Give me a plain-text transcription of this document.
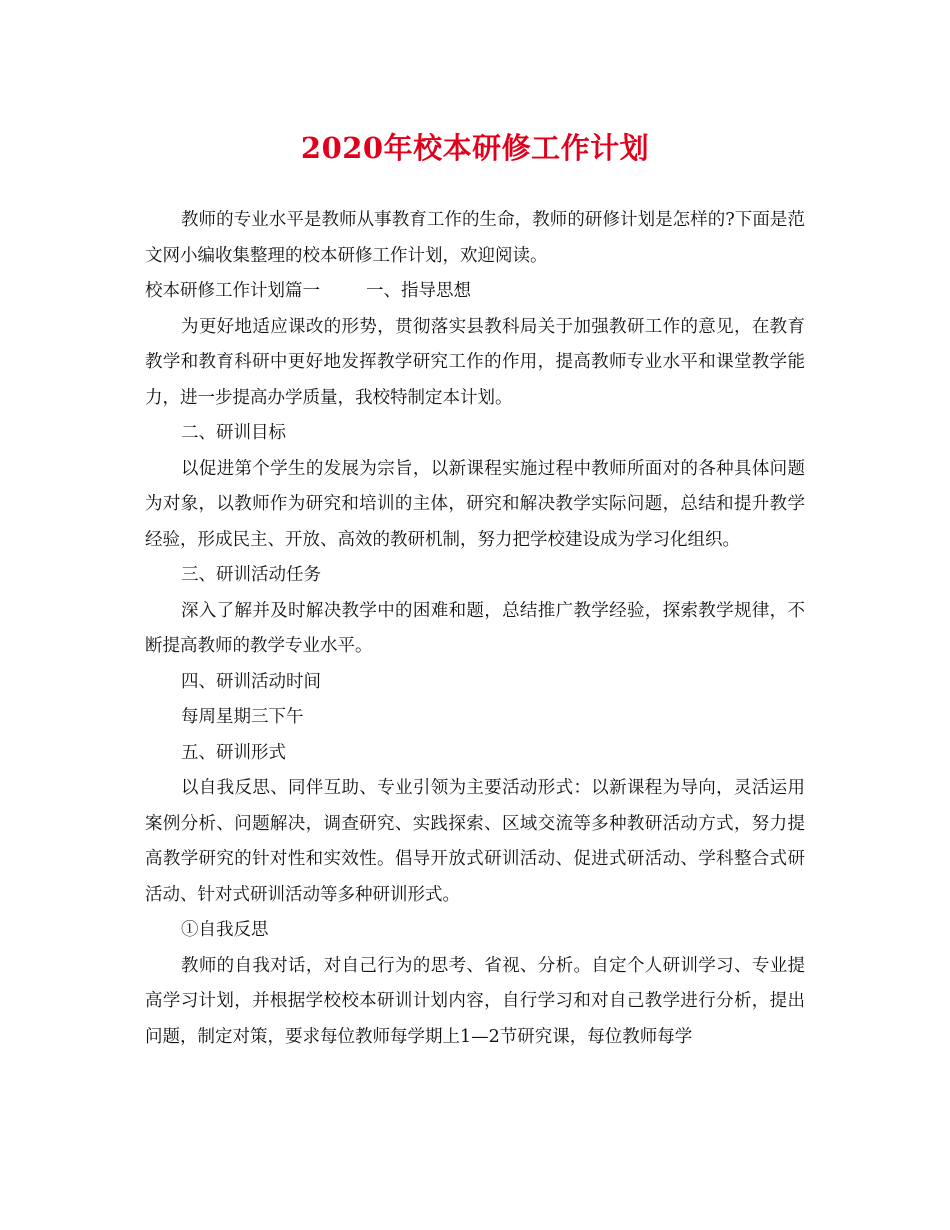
2020年校本研修工作计划

教师的专业水平是教师从事教育工作的生命，教师的研修计划是怎样的?下面是范文网小编收集整理的校本研修工作计划，欢迎阅读。

校本研修工作计划篇一	一、指导思想

为更好地适应课改的形势，贯彻落实县教科局关于加强教研工作的意见，在教育教学和教育科研中更好地发挥教学研究工作的作用，提高教师专业水平和课堂教学能力，进一步提高办学质量，我校特制定本计划。

二、研训目标

以促进第个学生的发展为宗旨，以新课程实施过程中教师所面对的各种具体问题为对象，以教师作为研究和培训的主体，研究和解决教学实际问题，总结和提升教学经验，形成民主、开放、高效的教研机制，努力把学校建设成为学习化组织。

三、研训活动任务

深入了解并及时解决教学中的困难和题，总结推广教学经验，探索教学规律，不断提高教师的教学专业水平。

四、研训活动时间

每周星期三下午

五、研训形式

以自我反思、同伴互助、专业引领为主要活动形式：以新课程为导向，灵活运用案例分析、问题解决，调查研究、实践探索、区域交流等多种教研活动方式，努力提高教学研究的针对性和实效性。倡导开放式研训活动、促进式研活动、学科整合式研活动、针对式研训活动等多种研训形式。

①自我反思

教师的自我对话，对自己行为的思考、省视、分析。自定个人研训学习、专业提高学习计划，并根据学校校本研训计划内容，自行学习和对自己教学进行分析，提出问题，制定对策，要求每位教师每学期上1—2节研究课，每位教师每学
